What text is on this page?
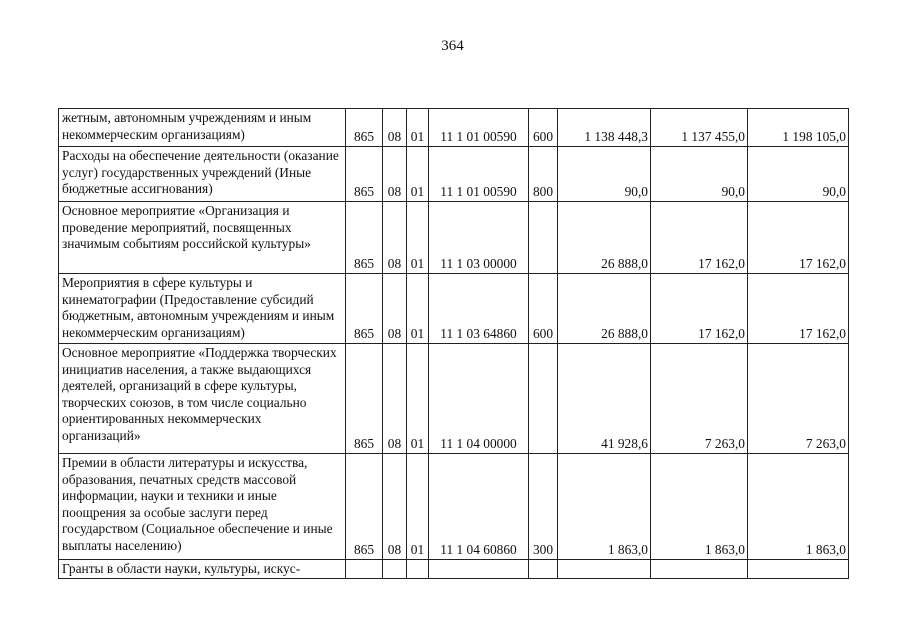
364
жетным, автономным учреждениям и иным некоммерческим организациям)	865	08	01	11 1 01 00590	600	1 138 448,3	1 137 455,0	1 198 105,0
Расходы на обеспечение деятельности (оказание услуг) государственных учреждений (Иные бюджетные ассигнования)	865	08	01	11 1 01 00590	800	90,0	90,0	90,0
Основное мероприятие «Организация и проведение мероприятий, посвященных значимым событиям российской культуры»	865	08	01	11 1 03 00000		26 888,0	17 162,0	17 162,0
Мероприятия в сфере культуры и кинематографии (Предоставление субсидий бюджетным, автономным учреждениям и иным некоммерческим организациям)	865	08	01	11 1 03 64860	600	26 888,0	17 162,0	17 162,0
Основное мероприятие «Поддержка творческих инициатив населения, а также выдающихся деятелей, организаций в сфере культуры, творческих союзов, в том числе социально ориентированных некоммерческих организаций»	865	08	01	11 1 04 00000		41 928,6	7 263,0	7 263,0
Премии в области литературы и искусства, образования, печатных средств массовой информации, науки и техники и иные поощрения за особые заслуги перед государством (Социальное обеспечение и иные выплаты населению)	865	08	01	11 1 04 60860	300	1 863,0	1 863,0	1 863,0
Гранты в области науки, культуры, искус-								
